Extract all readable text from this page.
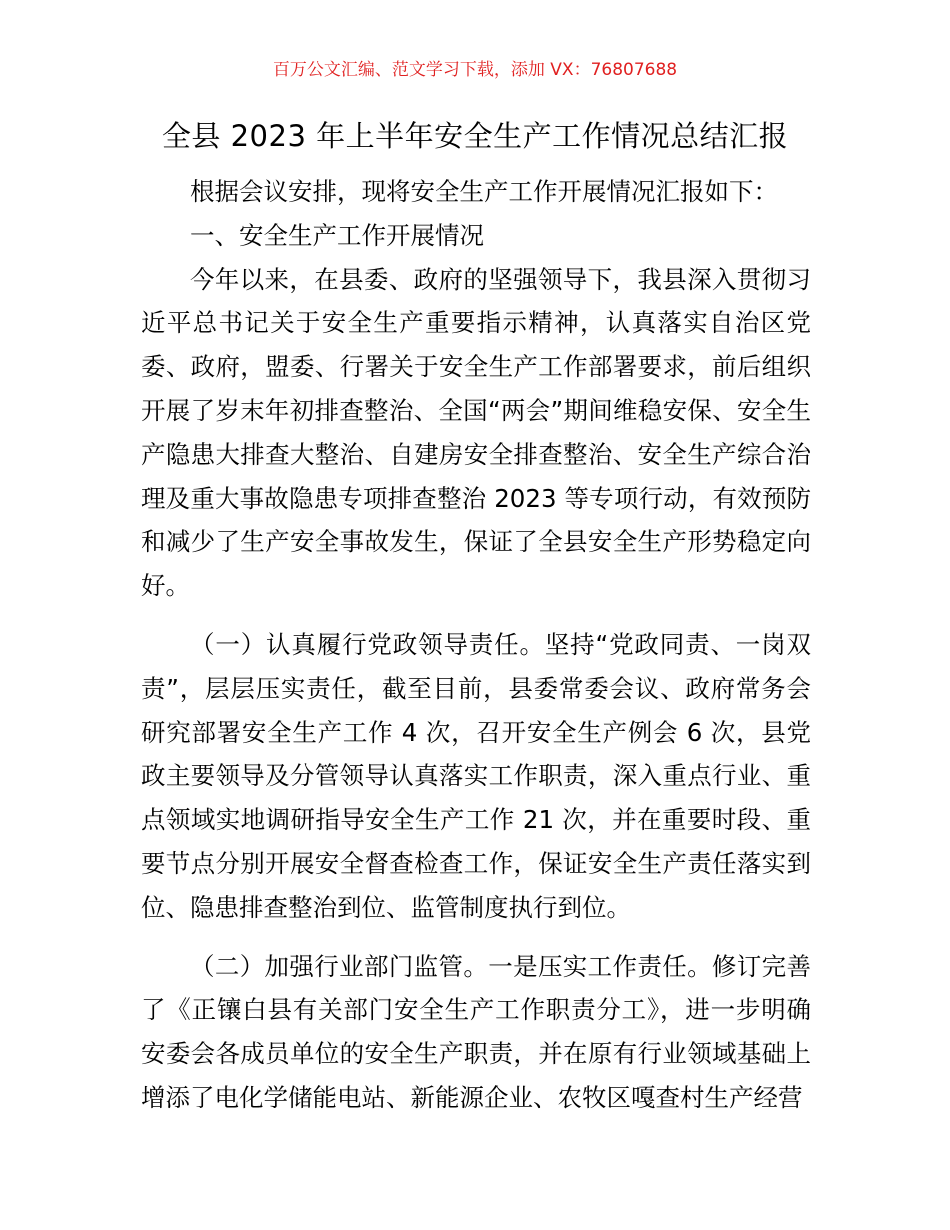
百万公文汇编、范文学习下载，添加 VX：76807688
全县 2023 年上半年安全生产工作情况总结汇报

根据会议安排，现将安全生产工作开展情况汇报如下：

一、安全生产工作开展情况

今年以来，在县委、政府的坚强领导下，我县深入贯彻习近平总书记关于安全生产重要指示精神，认真落实自治区党委、政府，盟委、行署关于安全生产工作部署要求，前后组织开展了岁末年初排查整治、全国“两会”期间维稳安保、安全生产隐患大排查大整治、自建房安全排查整治、安全生产综合治理及重大事故隐患专项排查整治 2023 等专项行动，有效预防和减少了生产安全事故发生，保证了全县安全生产形势稳定向好。

（一）认真履行党政领导责任。坚持“党政同责、一岗双责”，层层压实责任，截至目前，县委常委会议、政府常务会研究部署安全生产工作 4 次，召开安全生产例会 6 次，县党政主要领导及分管领导认真落实工作职责，深入重点行业、重点领域实地调研指导安全生产工作 21 次，并在重要时段、重要节点分别开展安全督查检查工作，保证安全生产责任落实到位、隐患排查整治到位、监管制度执行到位。

（二）加强行业部门监管。一是压实工作责任。修订完善了《正镶白县有关部门安全生产工作职责分工》，进一步明确安委会各成员单位的安全生产职责，并在原有行业领域基础上增添了电化学储能电站、新能源企业、农牧区嘎查村生产经营
